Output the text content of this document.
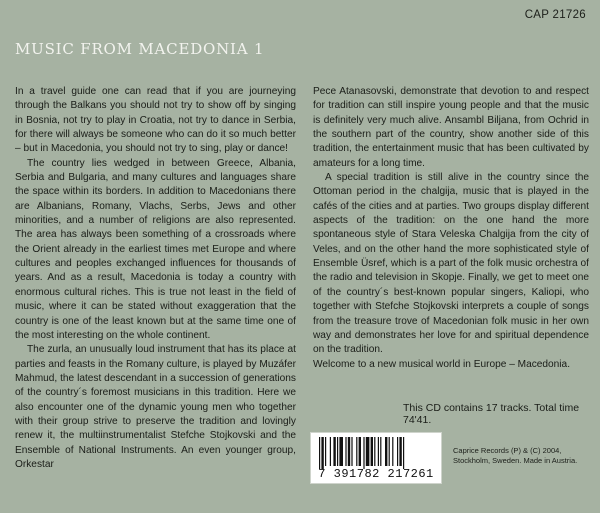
CAP 21726
MUSIC FROM MACEDONIA 1

In a travel guide one can read that if you are journeying through the Balkans you should not try to show off by singing in Bosnia, not try to play in Croatia, not try to dance in Serbia, for there will always be someone who can do it so much better – but in Macedonia, you should not try to sing, play or dance!

The country lies wedged in between Greece, Albania, Serbia and Bulgaria, and many cultures and languages share the space within its borders. In addition to Macedonians there are Albanians, Romany, Vlachs, Serbs, Jews and other minorities, and a number of religions are also represented. The area has always been something of a crossroads where the Orient already in the earliest times met Europe and where cultures and peoples exchanged influences for thousands of years. And as a result, Macedonia is today a country with enormous cultural riches. This is true not least in the field of music, where it can be stated without exaggeration that the country is one of the least known but at the same time one of the most interesting on the whole continent.

The zurla, an unusually loud instrument that has its place at parties and feasts in the Romany culture, is played by Muzáfer Mahmud, the latest descendant in a succession of generations of the country´s foremost musicians in this tradition. Here we also encounter one of the dynamic young men who together with their group strive to preserve the tradition and lovingly renew it, the multiinstrumentalist Stefche Stojkovski and the Ensemble of National Instruments. An even younger group, Orkestar

Pece Atanasovski, demonstrate that devotion to and respect for tradition can still inspire young people and that the music is definitely very much alive. Ansambl Biljana, from Ochrid in the southern part of the country, show another side of this tradition, the entertainment music that has been cultivated by amateurs for a long time.

A special tradition is still alive in the country since the Ottoman period in the chalgija, music that is played in the cafés of the cities and at parties. Two groups display different aspects of the tradition: on the one hand the more spontaneous style of Stara Veleska Chalgija from the city of Veles, and on the other hand the more sophisticated style of Ensemble Üsref, which is a part of the folk music orchestra of the radio and television in Skopje. Finally, we get to meet one of the country´s best-known popular singers, Kaliopi, who together with Stefche Stojkovski interprets a couple of songs from the treasure trove of Macedonian folk music in her own way and demonstrates her love for and spiritual dependence on the tradition.

Welcome to a new musical world in Europe – Macedonia.

This CD contains 17 tracks. Total time 74'41.
7 391782 217261
Caprice Records (P) & (C) 2004,
Stockholm, Sweden. Made in Austria.
